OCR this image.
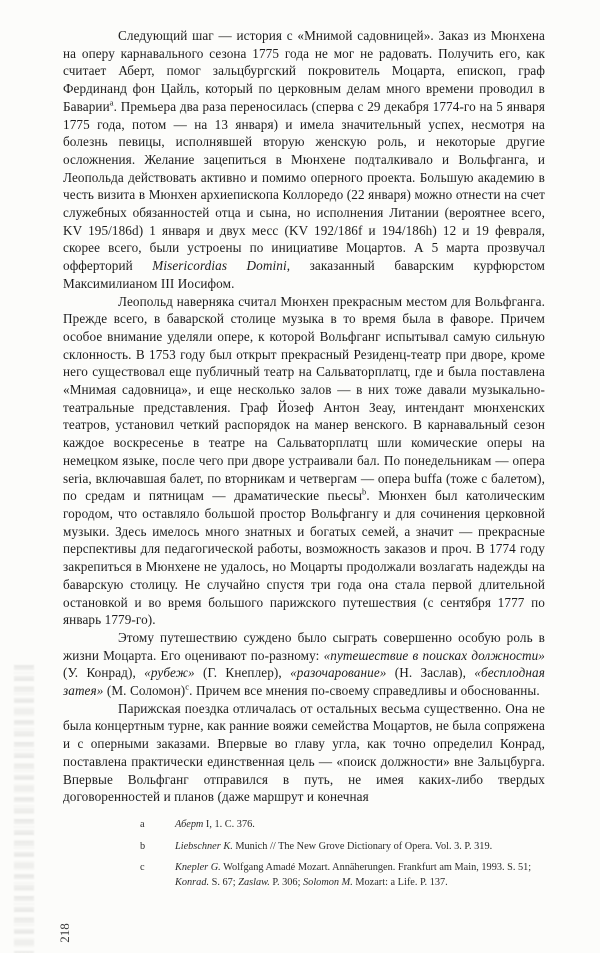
Следующий шаг — история с «Мнимой садовницей». Заказ из Мюнхена на оперу карнавального сезона 1775 года не мог не радовать. Получить его, как считает Аберт, помог зальцбургский покровитель Моцарта, епископ, граф Фердинанд фон Цайль, который по церковным делам много времени проводил в Баварии$^a$. Премьера два раза переносилась (сперва с 29 декабря 1774-го на 5 января 1775 года, потом — на 13 января) и имела значительный успех, несмотря на болезнь певицы, исполнявшей вторую женскую роль, и некоторые другие осложнения. Желание зацепиться в Мюнхене подталкивало и Вольфганга, и Леопольда действовать активно и помимо оперного проекта. Большую академию в честь визита в Мюнхен архиепископа Коллоредо (22 января) можно отнести на счет служебных обязанностей отца и сына, но исполнения Литании (вероятнее всего, KV 195/186d) 1 января и двух месс (KV 192/186f и 194/186h) 12 и 19 февраля, скорее всего, были устроены по инициативе Моцартов. А 5 марта прозвучал офферторий Misericordias Domini, заказанный баварским курфюрстом Максимилианом III Иосифом.

Леопольд наверняка считал Мюнхен прекрасным местом для Вольфганга. Прежде всего, в баварской столице музыка в то время была в фаворе. Причем особое внимание уделяли опере, к которой Вольфганг испытывал самую сильную склонность. В 1753 году был открыт прекрасный Резиденц-театр при дворе, кроме него существовал еще публичный театр на Сальваторплатц, где и была поставлена «Мнимая садовница», и еще несколько залов — в них тоже давали музыкально-театральные представления. Граф Йозеф Антон Зеау, интендант мюнхенских театров, установил четкий распорядок на манер венского. В карнавальный сезон каждое воскресенье в театре на Сальваторплатц шли комические оперы на немецком языке, после чего при дворе устраивали бал. По понедельникам — опера seria, включавшая балет, по вторникам и четвергам — опера buffa (тоже с балетом), по средам и пятницам — драматические пьесы$^b$. Мюнхен был католическим городом, что оставляло большой простор Вольфгангу и для сочинения церковной музыки. Здесь имелось много знатных и богатых семей, а значит — прекрасные перспективы для педагогической работы, возможность заказов и проч. В 1774 году закрепиться в Мюнхене не удалось, но Моцарты продолжали возлагать надежды на баварскую столицу. Не случайно спустя три года она стала первой длительной остановкой и во время большого парижского путешествия (с сентября 1777 по январь 1779-го).

Этому путешествию суждено было сыграть совершенно особую роль в жизни Моцарта. Его оценивают по-разному: «путешествие в поисках должности» (У. Конрад), «рубеж» (Г. Кнеплер), «разочарование» (Н. Заслав), «бесплодная затея» (М. Соломон)$^c$. Причем все мнения по-своему справедливы и обоснованны.

Парижская поездка отличалась от остальных весьма существенно. Она не была концертным турне, как ранние вояжи семейства Моцартов, не была сопряжена и с оперными заказами. Впервые во главу угла, как точно определил Конрад, поставлена практически единственная цель — «поиск должности» вне Зальцбурга. Впервые Вольфганг отправился в путь, не имея каких-либо твердых договоренностей и планов (даже маршрут и конечная

a	Аберт I, 1. С. 376.
b	Liebschner K. Munich // The New Grove Dictionary of Opera. Vol. 3. P. 319.
c	Knepler G. Wolfgang Amadé Mozart. Annäherungen. Frankfurt am Main, 1993. S. 51; Konrad. S. 67; Zaslaw. P. 306; Solomon M. Mozart: a Life. P. 137.
218
